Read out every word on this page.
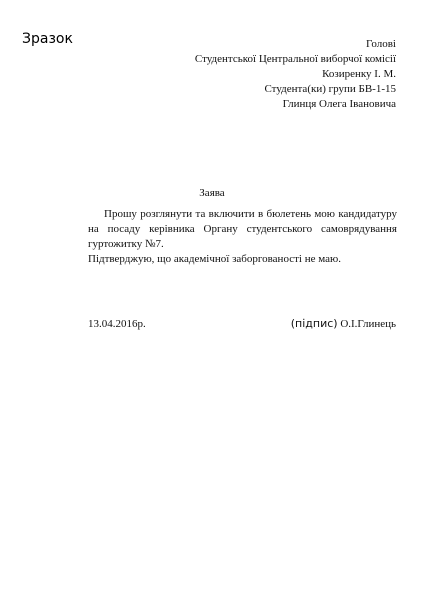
Зразок	Голові
Студентської Центральної виборчої комісії
Козиренку І. М.
Студента(ки) групи БВ-1-15
Глинця Олега Івановича
Заява

Прошу розглянути та включити в бюлетень мою кандидатуру на посаду керівника Органу студентського самоврядування гуртожитку №7.

Підтверджую, що академічної заборгованості не маю.

13.04.2016р.	(підпис) О.І.Глинець
